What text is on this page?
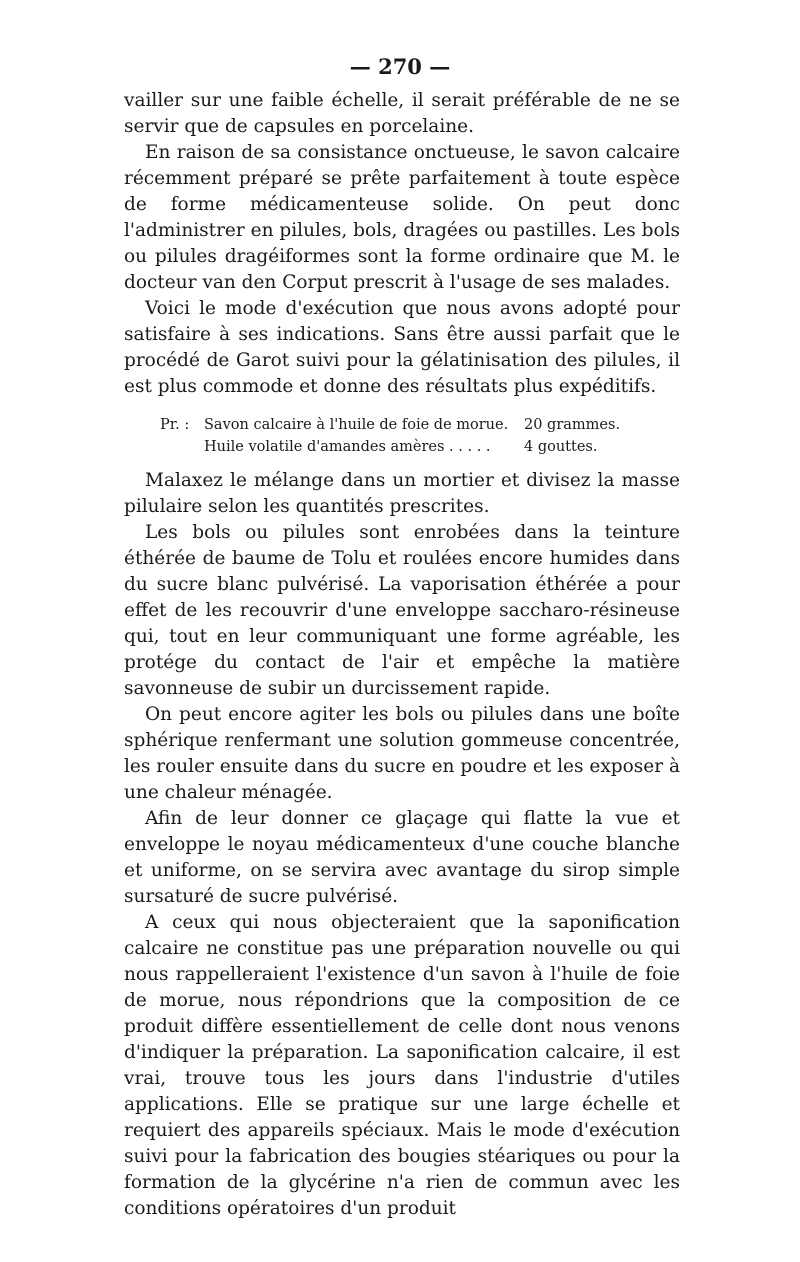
— 270 —

vailler sur une faible échelle, il serait préférable de ne se servir que de capsules en porcelaine.

En raison de sa consistance onctueuse, le savon calcaire récemment préparé se prête parfaitement à toute espèce de forme médicamenteuse solide. On peut donc l'administrer en pilules, bols, dragées ou pastilles. Les bols ou pilules dragéiformes sont la forme ordinaire que M. le docteur van den Corput prescrit à l'usage de ses malades.

Voici le mode d'exécution que nous avons adopté pour satisfaire à ses indications. Sans être aussi parfait que le procédé de Garot suivi pour la gélatinisation des pilules, il est plus commode et donne des résultats plus expéditifs.

Pr. :	Savon calcaire à l'huile de foie de morue.	20 grammes.
Huile volatile d'amandes amères . . . . .	4 gouttes.

Malaxez le mélange dans un mortier et divisez la masse pilulaire selon les quantités prescrites.

Les bols ou pilules sont enrobées dans la teinture éthérée de baume de Tolu et roulées encore humides dans du sucre blanc pulvérisé. La vaporisation éthérée a pour effet de les recouvrir d'une enveloppe saccharo-résineuse qui, tout en leur communiquant une forme agréable, les protége du contact de l'air et empêche la matière savonneuse de subir un durcissement rapide.

On peut encore agiter les bols ou pilules dans une boîte sphérique renfermant une solution gommeuse concentrée, les rouler ensuite dans du sucre en poudre et les exposer à une chaleur ménagée.

Afin de leur donner ce glaçage qui flatte la vue et enveloppe le noyau médicamenteux d'une couche blanche et uniforme, on se servira avec avantage du sirop simple sursaturé de sucre pulvérisé.

A ceux qui nous objecteraient que la saponification calcaire ne constitue pas une préparation nouvelle ou qui nous rappelleraient l'existence d'un savon à l'huile de foie de morue, nous répondrions que la composition de ce produit diffère essentiellement de celle dont nous venons d'indiquer la préparation. La saponification calcaire, il est vrai, trouve tous les jours dans l'industrie d'utiles applications. Elle se pratique sur une large échelle et requiert des appareils spéciaux. Mais le mode d'exécution suivi pour la fabrication des bougies stéariques ou pour la formation de la glycérine n'a rien de commun avec les conditions opératoires d'un produit
